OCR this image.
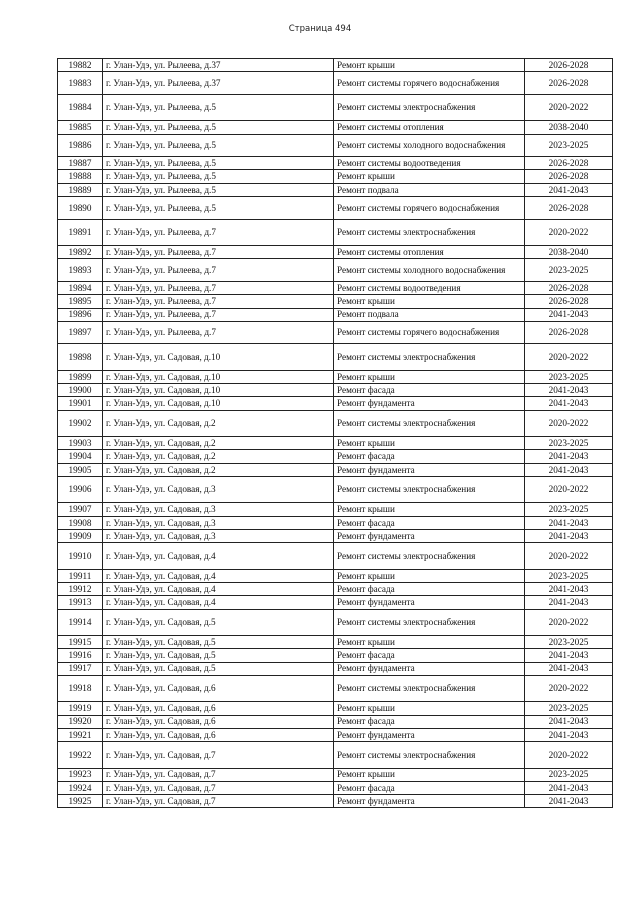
Страница 494
19882	г. Улан-Удэ, ул. Рылеева, д.37	Ремонт крыши	2026-2028
19883	г. Улан-Удэ, ул. Рылеева, д.37	Ремонт системы горячего водоснабжения	2026-2028
19884	г. Улан-Удэ, ул. Рылеева, д.5	Ремонт системы электроснабжения	2020-2022
19885	г. Улан-Удэ, ул. Рылеева, д.5	Ремонт системы отопления	2038-2040
19886	г. Улан-Удэ, ул. Рылеева, д.5	Ремонт системы холодного водоснабжения	2023-2025
19887	г. Улан-Удэ, ул. Рылеева, д.5	Ремонт системы водоотведения	2026-2028
19888	г. Улан-Удэ, ул. Рылеева, д.5	Ремонт крыши	2026-2028
19889	г. Улан-Удэ, ул. Рылеева, д.5	Ремонт подвала	2041-2043
19890	г. Улан-Удэ, ул. Рылеева, д.5	Ремонт системы горячего водоснабжения	2026-2028
19891	г. Улан-Удэ, ул. Рылеева, д.7	Ремонт системы электроснабжения	2020-2022
19892	г. Улан-Удэ, ул. Рылеева, д.7	Ремонт системы отопления	2038-2040
19893	г. Улан-Удэ, ул. Рылеева, д.7	Ремонт системы холодного водоснабжения	2023-2025
19894	г. Улан-Удэ, ул. Рылеева, д.7	Ремонт системы водоотведения	2026-2028
19895	г. Улан-Удэ, ул. Рылеева, д.7	Ремонт крыши	2026-2028
19896	г. Улан-Удэ, ул. Рылеева, д.7	Ремонт подвала	2041-2043
19897	г. Улан-Удэ, ул. Рылеева, д.7	Ремонт системы горячего водоснабжения	2026-2028
19898	г. Улан-Удэ, ул. Садовая, д.10	Ремонт системы электроснабжения	2020-2022
19899	г. Улан-Удэ, ул. Садовая, д.10	Ремонт крыши	2023-2025
19900	г. Улан-Удэ, ул. Садовая, д.10	Ремонт фасада	2041-2043
19901	г. Улан-Удэ, ул. Садовая, д.10	Ремонт фундамента	2041-2043
19902	г. Улан-Удэ, ул. Садовая, д.2	Ремонт системы электроснабжения	2020-2022
19903	г. Улан-Удэ, ул. Садовая, д.2	Ремонт крыши	2023-2025
19904	г. Улан-Удэ, ул. Садовая, д.2	Ремонт фасада	2041-2043
19905	г. Улан-Удэ, ул. Садовая, д.2	Ремонт фундамента	2041-2043
19906	г. Улан-Удэ, ул. Садовая, д.3	Ремонт системы электроснабжения	2020-2022
19907	г. Улан-Удэ, ул. Садовая, д.3	Ремонт крыши	2023-2025
19908	г. Улан-Удэ, ул. Садовая, д.3	Ремонт фасада	2041-2043
19909	г. Улан-Удэ, ул. Садовая, д.3	Ремонт фундамента	2041-2043
19910	г. Улан-Удэ, ул. Садовая, д.4	Ремонт системы электроснабжения	2020-2022
19911	г. Улан-Удэ, ул. Садовая, д.4	Ремонт крыши	2023-2025
19912	г. Улан-Удэ, ул. Садовая, д.4	Ремонт фасада	2041-2043
19913	г. Улан-Удэ, ул. Садовая, д.4	Ремонт фундамента	2041-2043
19914	г. Улан-Удэ, ул. Садовая, д.5	Ремонт системы электроснабжения	2020-2022
19915	г. Улан-Удэ, ул. Садовая, д.5	Ремонт крыши	2023-2025
19916	г. Улан-Удэ, ул. Садовая, д.5	Ремонт фасада	2041-2043
19917	г. Улан-Удэ, ул. Садовая, д.5	Ремонт фундамента	2041-2043
19918	г. Улан-Удэ, ул. Садовая, д.6	Ремонт системы электроснабжения	2020-2022
19919	г. Улан-Удэ, ул. Садовая, д.6	Ремонт крыши	2023-2025
19920	г. Улан-Удэ, ул. Садовая, д.6	Ремонт фасада	2041-2043
19921	г. Улан-Удэ, ул. Садовая, д.6	Ремонт фундамента	2041-2043
19922	г. Улан-Удэ, ул. Садовая, д.7	Ремонт системы электроснабжения	2020-2022
19923	г. Улан-Удэ, ул. Садовая, д.7	Ремонт крыши	2023-2025
19924	г. Улан-Удэ, ул. Садовая, д.7	Ремонт фасада	2041-2043
19925	г. Улан-Удэ, ул. Садовая, д.7	Ремонт фундамента	2041-2043
